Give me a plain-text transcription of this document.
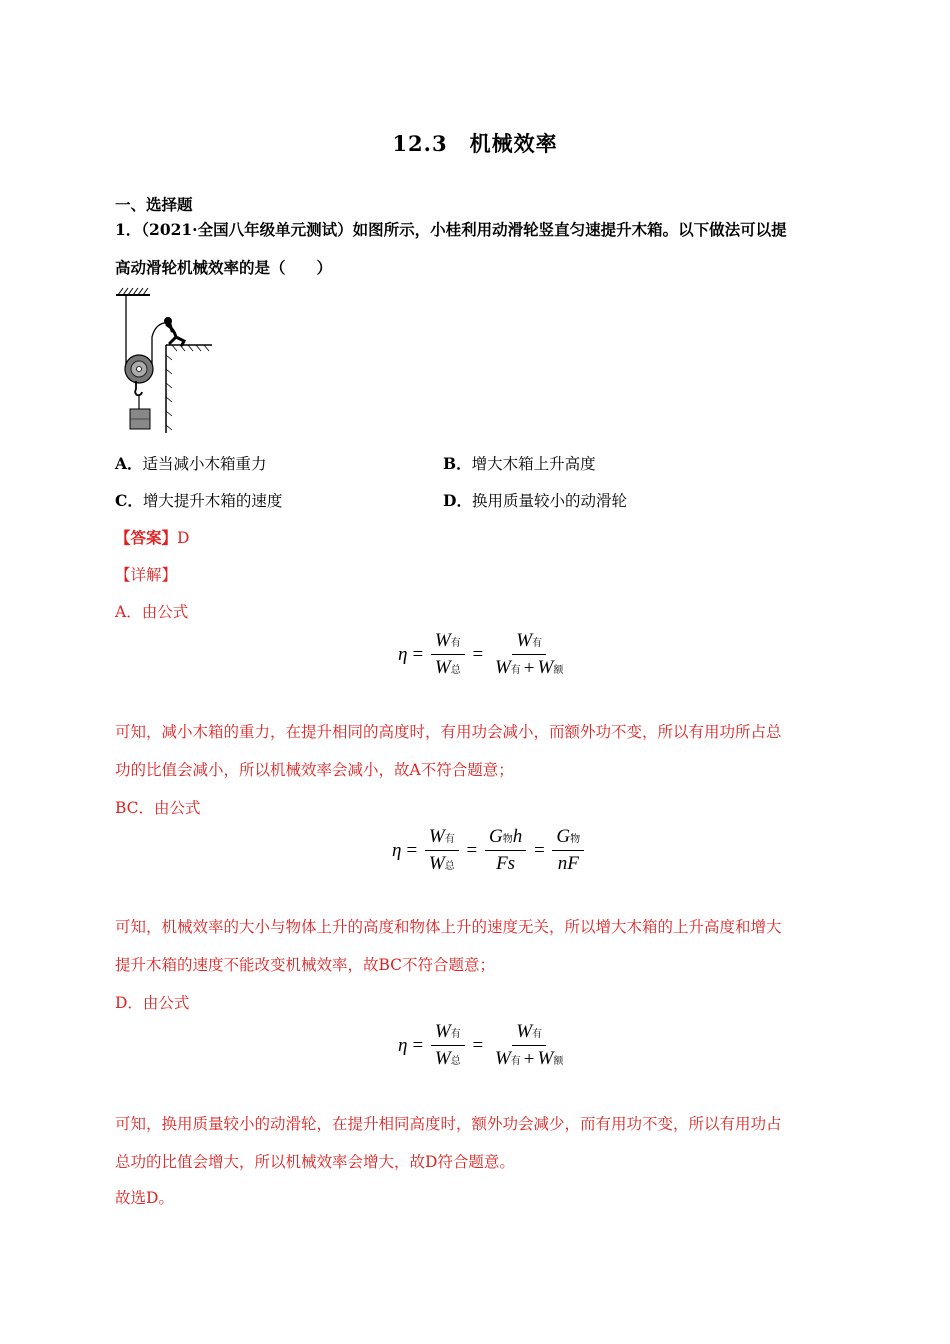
12.3　机械效率
一、选择题
1．（2021·全国八年级单元测试）如图所示，小桂利用动滑轮竖直匀速提升木箱。以下做法可以提
高动滑轮机械效率的是（　　）
A．适当减小木箱重力	B．增大木箱上升高度
C．增大提升木箱的速度	D．换用质量较小的动滑轮
【答案】D
【详解】
A．由公式
$\eta = \frac{\text{W有}}{\text{W总}} = \frac{\text{W有}}{\text{W有 + W额}}$
可知，减小木箱的重力，在提升相同的高度时，有用功会减小，而额外功不变，所以有用功所占总
功的比值会减小，所以机械效率会减小，故A不符合题意；
BC．由公式
$\eta = \frac{\text{W有}}{\text{W总}} = \frac{\text{G物h}}{Fs} = \frac{\text{G物}}{nF}$
可知，机械效率的大小与物体上升的高度和物体上升的速度无关，所以增大木箱的上升高度和增大
提升木箱的速度不能改变机械效率，故BC不符合题意；
D．由公式
$\eta = \frac{\text{W有}}{\text{W总}} = \frac{\text{W有}}{\text{W有 + W额}}$
可知，换用质量较小的动滑轮，在提升相同高度时，额外功会减少，而有用功不变，所以有用功占
总功的比值会增大，所以机械效率会增大，故D符合题意。
故选D。
